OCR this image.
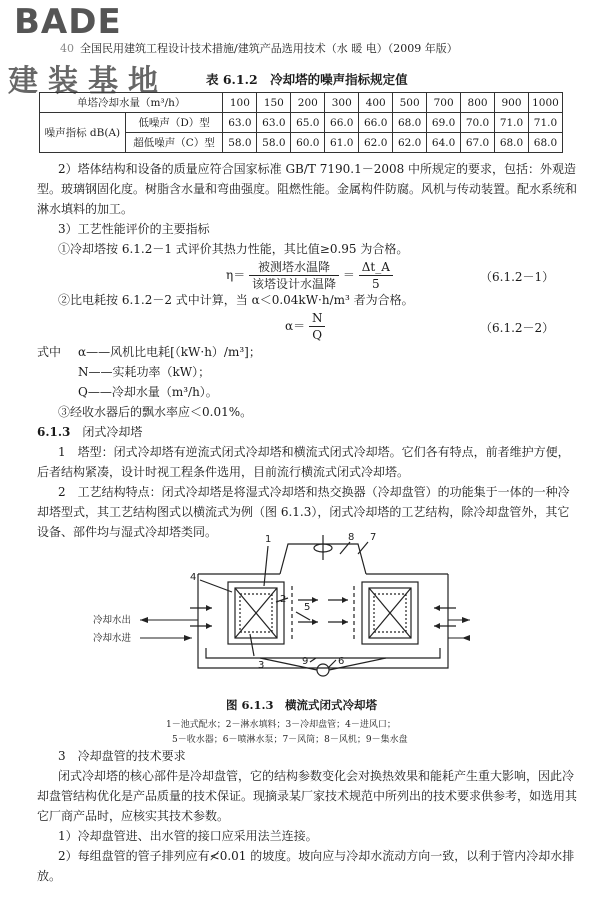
BADE
建装基地
40 全国民用建筑工程设计技术措施/建筑产品选用技术（水 暖 电）（2009 年版）
表 6.1.2　冷却塔的噪声指标规定值
单塔冷却水量（m³/h）		100	150	200	300	400	500	700	800	900	1000
噪声指标 dB(A)	低噪声（D）型	63.0	63.0	65.0	66.0	66.0	68.0	69.0	70.0	71.0	71.0
	超低噪声（C）型	58.0	58.0	60.0	61.0	62.0	62.0	64.0	67.0	68.0	68.0
2）塔体结构和设备的质量应符合国家标准 GB/T 7190.1－2008 中所规定的要求，包括：外观造
型。玻璃钢固化度。树脂含水量和弯曲强度。阻燃性能。金属构件防腐。风机与传动装置。配水系统和
淋水填料的加工。
3）工艺性能评价的主要指标
①冷却塔按 6.1.2－1 式评价其热力性能，其比值≥0.95 为合格。
$\eta= \frac{\text{被测塔水温降}}{\text{该塔设计水温降}} = \frac{\Delta t\_A}{5}$	（6.1.2－1）
②比电耗按 6.1.2－2 式中计算，当 α＜0.04kW·h/m³ 者为合格。
$\alpha= \frac{N}{Q}$	（6.1.2－2）
式中 α——风机比电耗[（kW·h）/m³]；
N——实耗功率（kW）；
Q——冷却水量（m³/h）。
③经收水器后的飘水率应＜0.01%。
6.1.3 闭式冷却塔
1　塔型：闭式冷却塔有逆流式闭式冷却塔和横流式闭式冷却塔。它们各有特点，前者维护方便，
后者结构紧凑，设计时视工程条件选用，目前流行横流式闭式冷却塔。
2　工艺结构特点：闭式冷却塔是将湿式冷却塔和热交换器（冷却盘管）的功能集于一体的一种冷
却塔型式，其工艺结构图式以横流式为例（图 6.1.3），闭式冷却塔的工艺结构，除冷却盘管外，其它
设备、部件均与湿式冷却塔类同。
1
2
3
4
5
6
7
8
9
冷却水出
冷却水进
图 6.1.3　横流式闭式冷却塔
1－池式配水；2－淋水填料；3－冷却盘管；4－进风口；
5－收水器；6－喷淋水泵；7－风筒；8－风机；9－集水盘
3　冷却盘管的技术要求
闭式冷却塔的核心部件是冷却盘管，它的结构参数变化会对换热效果和能耗产生重大影响，因此冷
却盘管结构优化是产品质量的技术保证。现摘录某厂家技术规范中所列出的技术要求供参考，如选用其
它厂商产品时，应核实其技术参数。
1）冷却盘管进、出水管的接口应采用法兰连接。
2）每组盘管的管子排列应有≮0.01 的坡度。坡向应与冷却水流动方向一致，以利于管内冷却水排
放。
